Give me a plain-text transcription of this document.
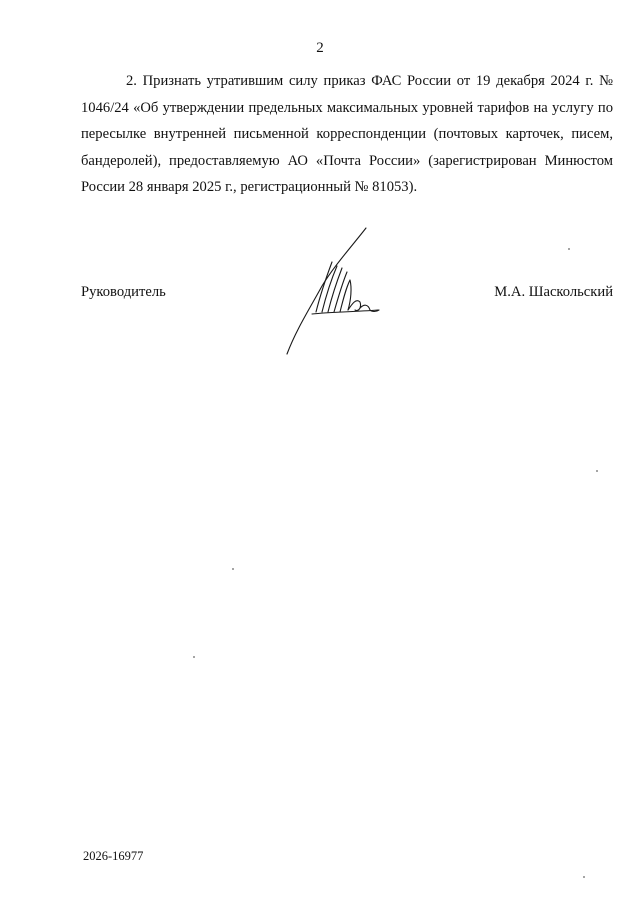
2

2. Признать утратившим силу приказ ФАС России от 19 декабря 2024 г. № 1046/24 «Об утверждении предельных максимальных уровней тарифов на услугу по пересылке внутренней письменной корреспонденции (почтовых карточек, писем, бандеролей), предоставляемую АО «Почта России» (зарегистрирован Минюстом России 28 января 2025 г., регистрационный № 81053).

Руководитель	М.А. Шаскольский
2026-16977
